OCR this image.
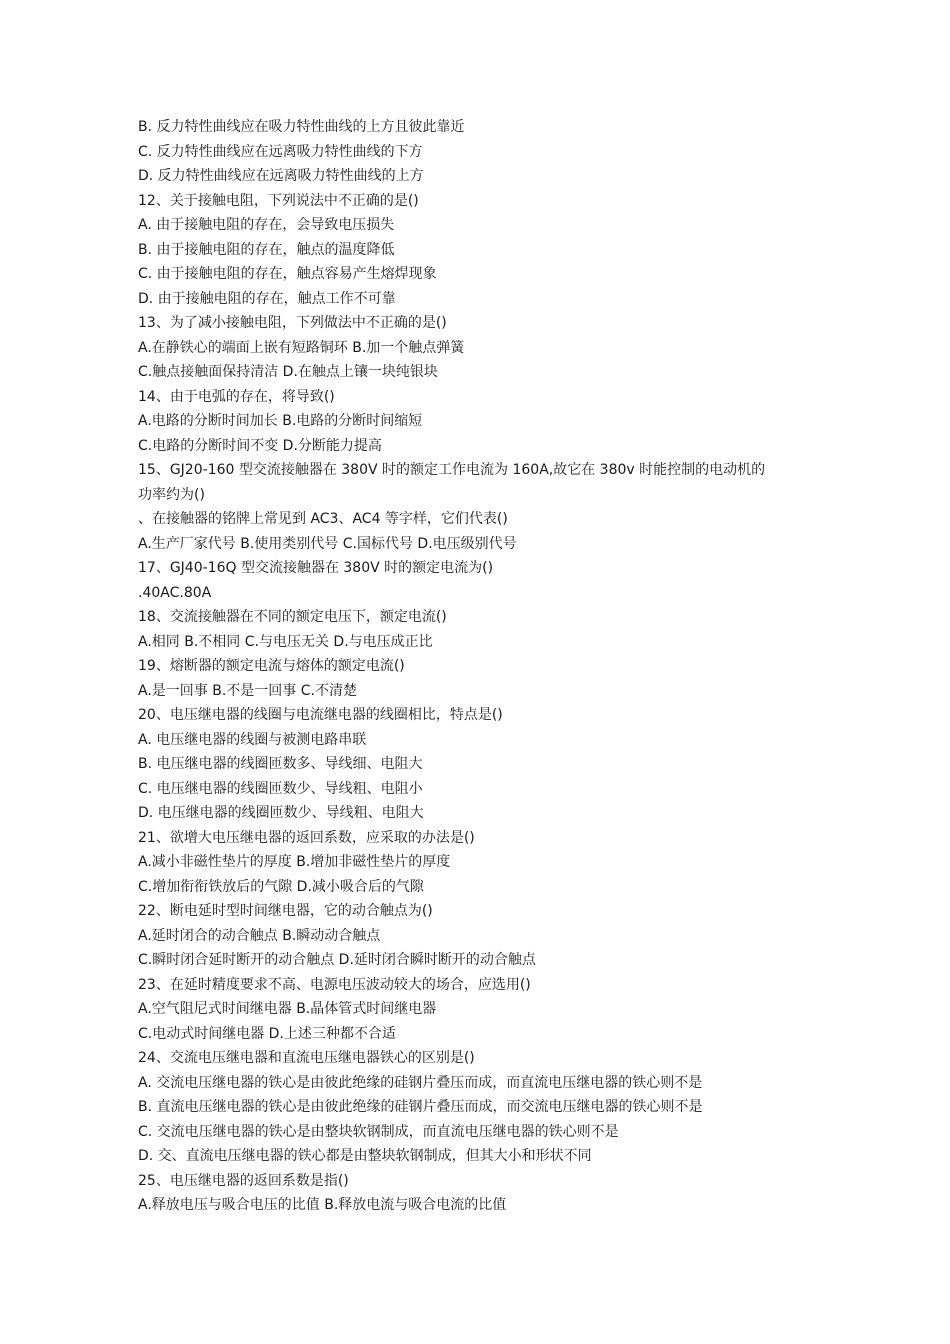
B. 反力特性曲线应在吸力特性曲线的上方且彼此靠近

C. 反力特性曲线应在远离吸力特性曲线的下方

D. 反力特性曲线应在远离吸力特性曲线的上方

12、关于接触电阻，下列说法中不正确的是()

A. 由于接触电阻的存在，会导致电压损失

B. 由于接触电阻的存在，触点的温度降低

C. 由于接触电阻的存在，触点容易产生熔焊现象

D. 由于接触电阻的存在，触点工作不可靠

13、为了减小接触电阻，下列做法中不正确的是()

A.在静铁心的端面上嵌有短路铜环 B.加一个触点弹簧

C.触点接触面保持清洁 D.在触点上镶一块纯银块

14、由于电弧的存在，将导致()

A.电路的分断时间加长 B.电路的分断时间缩短

C.电路的分断时间不变 D.分断能力提高

15、GJ20-160 型交流接触器在 380V 时的额定工作电流为 160A,故它在 380v 时能控制的电动机的

功率约为()

、在接触器的铭牌上常见到 AC3、AC4 等字样，它们代表()

A.生产厂家代号 B.使用类别代号 C.国标代号 D.电压级别代号

17、GJ40-16Q 型交流接触器在 380V 时的额定电流为()

.40AC.80A

18、交流接触器在不同的额定电压下，额定电流()

A.相同 B.不相同 C.与电压无关 D.与电压成正比

19、熔断器的额定电流与熔体的额定电流()

A.是一回事 B.不是一回事 C.不清楚

20、电压继电器的线圈与电流继电器的线圈相比，特点是()

A. 电压继电器的线圈与被测电路串联

B. 电压继电器的线圈匝数多、导线细、电阻大

C. 电压继电器的线圈匝数少、导线粗、电阻小

D. 电压继电器的线圈匝数少、导线粗、电阻大

21、欲增大电压继电器的返回系数，应采取的办法是()

A.减小非磁性垫片的厚度 B.增加非磁性垫片的厚度

C.增加衔衔铁放后的气隙 D.减小吸合后的气隙

22、断电延时型时间继电器，它的动合触点为()

A.延时闭合的动合触点 B.瞬动动合触点

C.瞬时闭合延时断开的动合触点 D.延时闭合瞬时断开的动合触点

23、在延时精度要求不高、电源电压波动较大的场合，应选用()

A.空气阻尼式时间继电器 B.晶体管式时间继电器

C.电动式时间继电器 D.上述三种都不合适

24、交流电压继电器和直流电压继电器铁心的区别是()

A. 交流电压继电器的铁心是由彼此绝缘的硅钢片叠压而成，而直流电压继电器的铁心则不是

B. 直流电压继电器的铁心是由彼此绝缘的硅钢片叠压而成，而交流电压继电器的铁心则不是

C. 交流电压继电器的铁心是由整块软钢制成，而直流电压继电器的铁心则不是

D. 交、直流电压继电器的铁心都是由整块软钢制成，但其大小和形状不同

25、电压继电器的返回系数是指()

A.释放电压与吸合电压的比值 B.释放电流与吸合电流的比值
